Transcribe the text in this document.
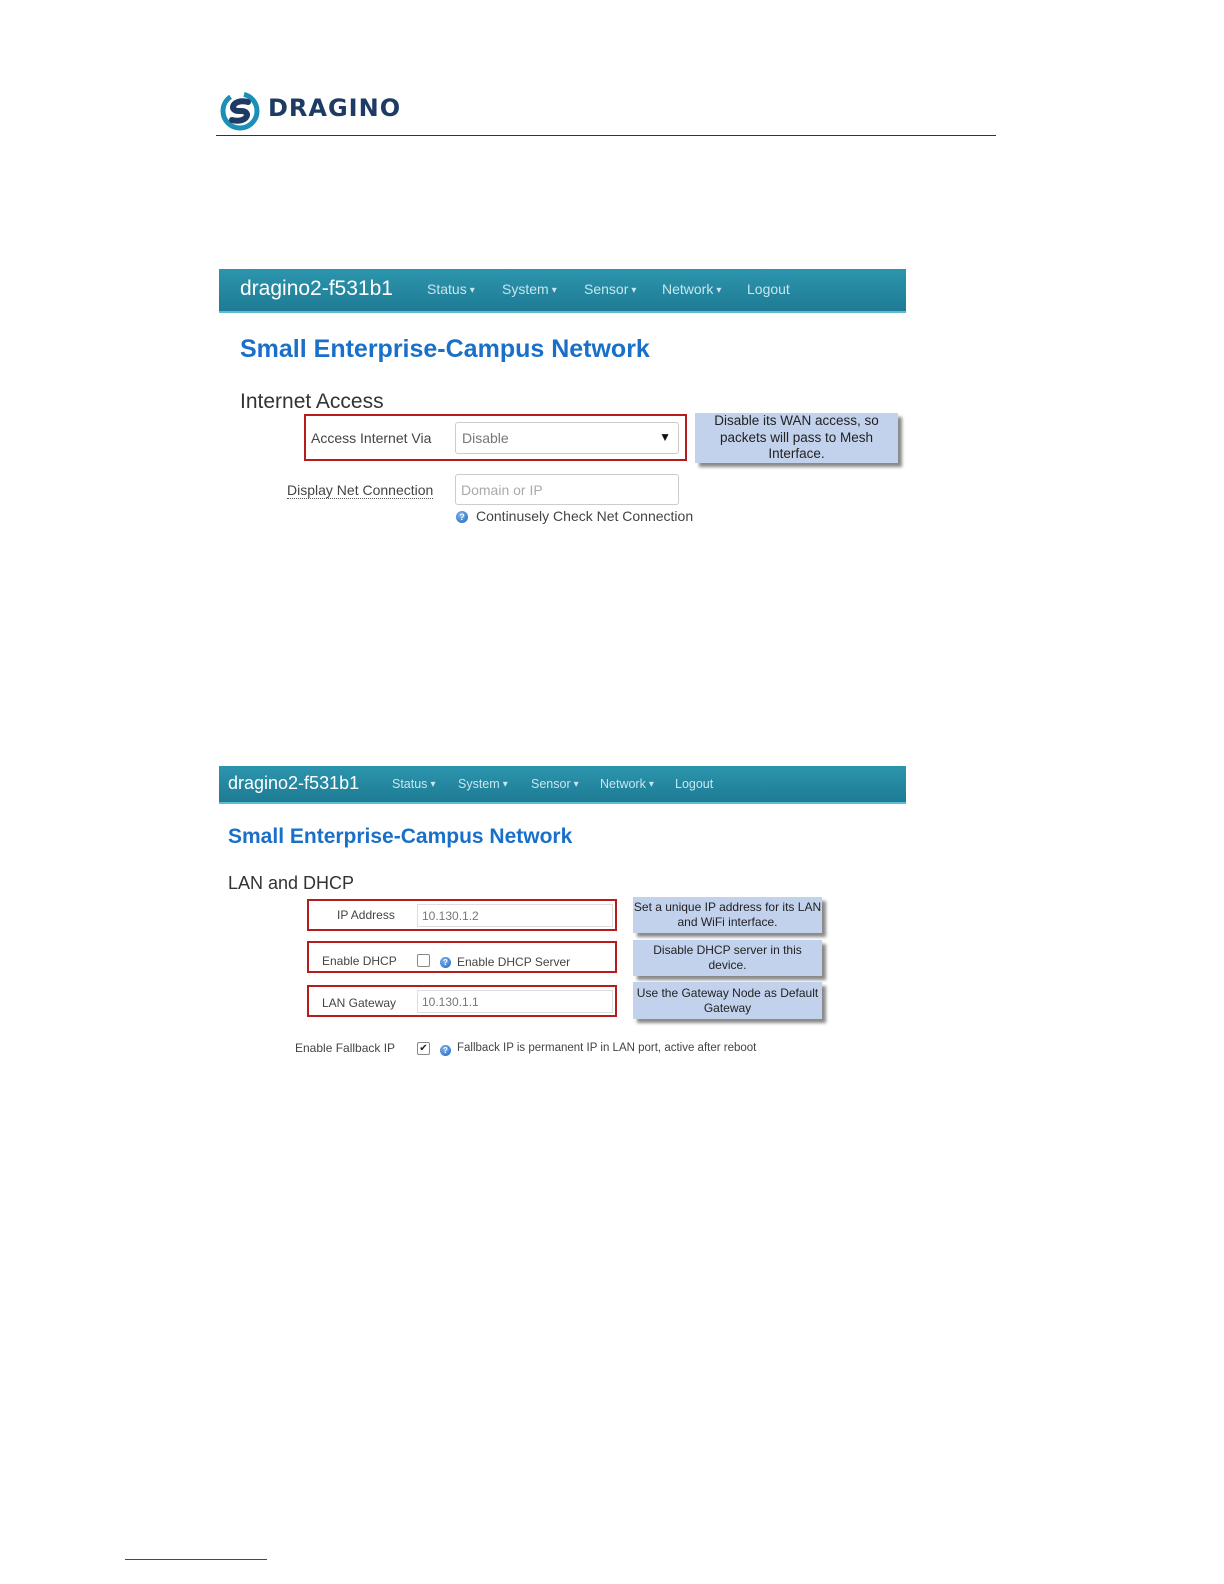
DRAGINO
dragino2-f531b1 Status ▾ System ▾ Sensor ▾ Network ▾ Logout
Small Enterprise-Campus Network
Internet Access
Access Internet Via	Disable	▼
Disable its WAN access, so packets will pass to Mesh Interface.
Display Net Connection	Domain or IP
? Continusely Check Net Connection
dragino2-f531b1	Status ▾ System ▾ Sensor ▾ Network ▾ Logout
Small Enterprise-Campus Network
LAN and DHCP
IP Address	10.130.1.2
Set a unique IP address for its LAN and WiFi interface.
Enable DHCP	? Enable DHCP Server
Disable DHCP server in this device.
LAN Gateway	10.130.1.1
Use the Gateway Node as Default Gateway
Enable Fallback IP ✔	? Fallback IP is permanent IP in LAN port, active after reboot
